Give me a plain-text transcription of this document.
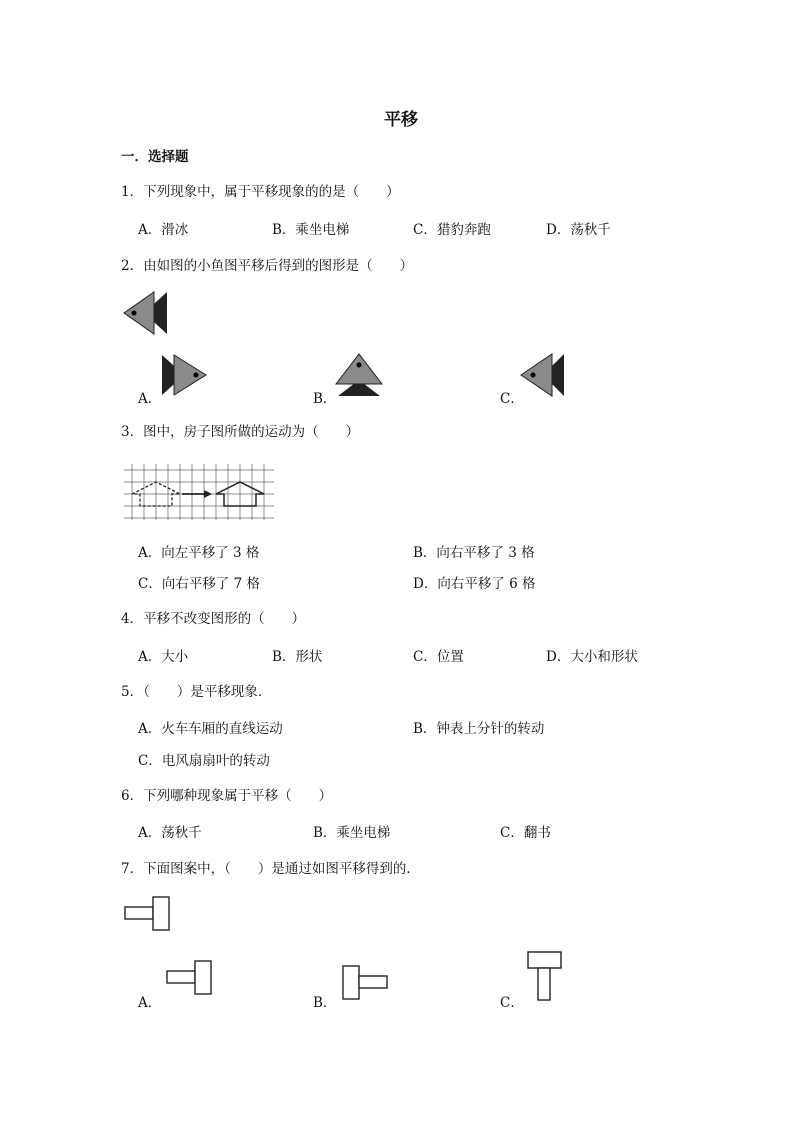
平移
一．选择题
1．下列现象中，属于平移现象的的是（　　）
A．滑冰	B．乘坐电梯	C．猎豹奔跑	D．荡秋千
2．由如图的小鱼图平移后得到的图形是（　　）
A．	B．	C．
3．图中，房子图所做的运动为（　　）
A．向左平移了 3 格	B．向右平移了 3 格
C．向右平移了 7 格	D．向右平移了 6 格
4．平移不改变图形的（　　）
A．大小	B．形状	C．位置	D．大小和形状
5．（　　）是平移现象．
A．火车车厢的直线运动	B．钟表上分针的转动
C．电风扇扇叶的转动
6．下列哪种现象属于平移（　　）
A．荡秋千	B．乘坐电梯	C．翻书
7．下面图案中，（　　）是通过如图平移得到的．
A．	B．	C．
